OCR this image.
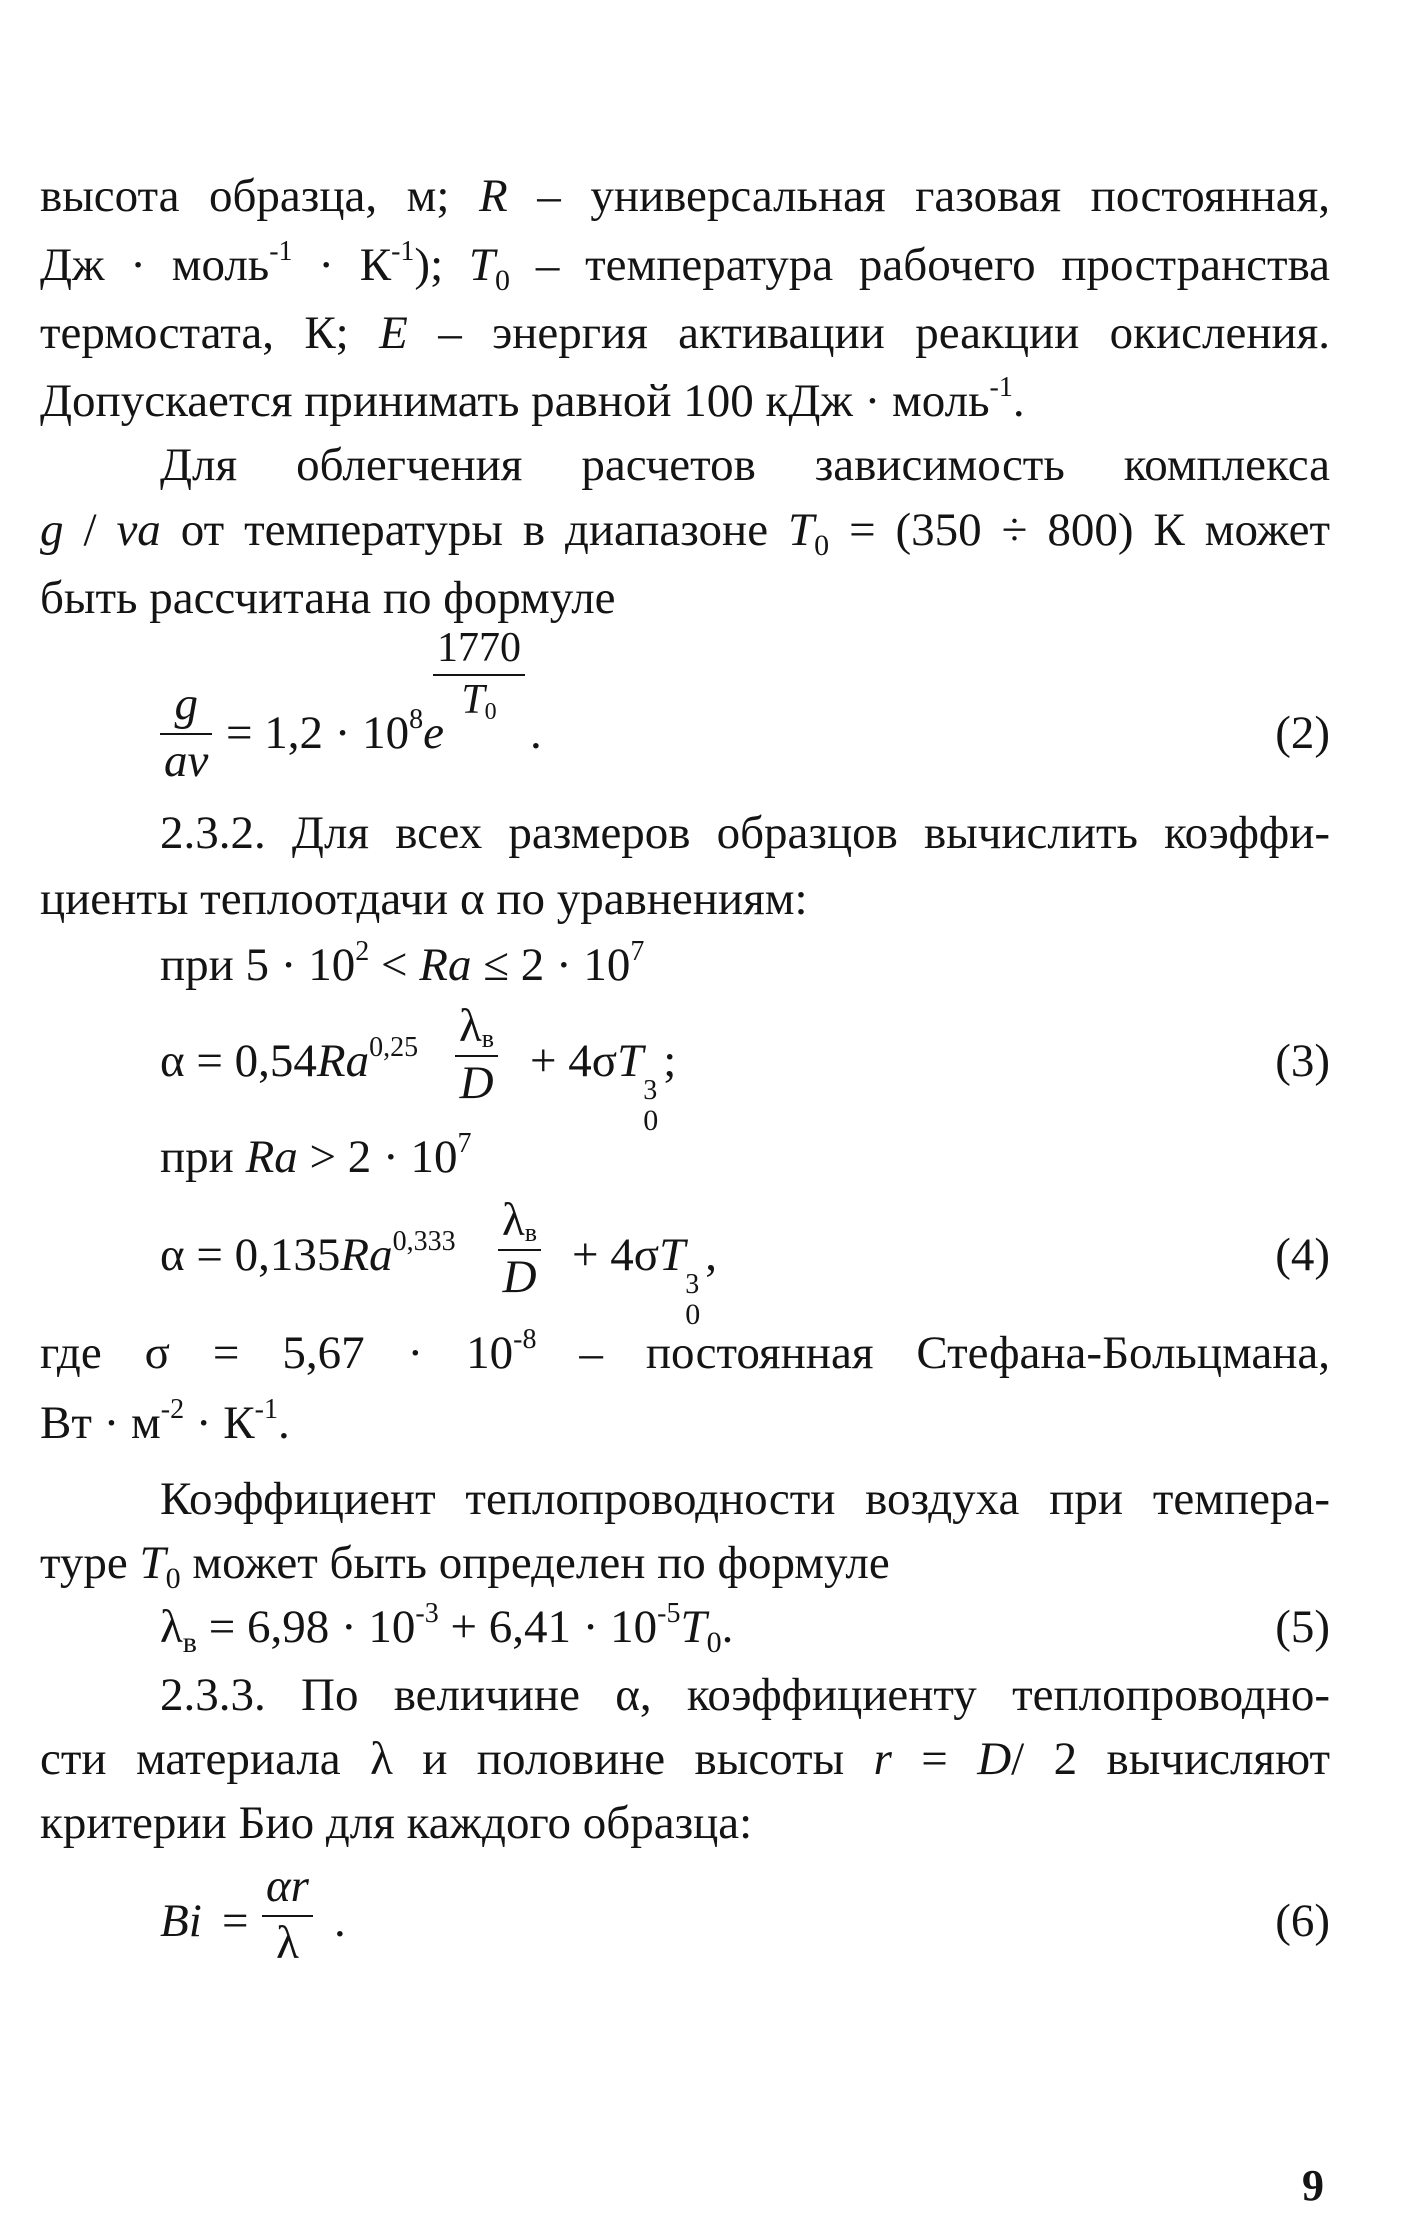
высота образца, м; R – универсальная газовая постоянная,
Дж · моль$^{-1}$ · $К^{-1}$); $T_0$ – температура рабочего пространства
термостата, К; E – энергия активации реакции окисления.
Допускается принимать равной 100 кДж · моль$^{-1}$.
Для облегчения расчетов зависимость комплекса
g / va от температуры в диапазоне $T_0 = (350 \div 800)$ К может
быть рассчитана по формуле
$\frac{g}{av} = 1,2 \cdot 10^8e$
$\frac{1770}{T_0}$
.	(2)
2.3.2. Для всех размеров образцов вычислить коэффи-
циенты теплоотдачи α по уравнениям:
при $5 \cdot 10^2 < Ra \le 2 \cdot 10^7$
α = 0,54Ra$^{0,25}$ $\lambda_в$
D + 4σT
3
0
;	(3)
при $Ra > 2 \cdot 10^7$
α = 0,135Ra$^{0,333}$ $\lambda_в$
D + 4σT
3
0
,	(4)
где $\sigma = 5,67 \cdot 10^{-8}$ – постоянная Стефана-Больцмана,
Вт · $м^{-2} \cdot К^{-1}$.
Коэффициент теплопроводности воздуха при темпера-
туре $T_0$ может быть определен по формуле
$\lambda_в = 6,98 \cdot 10^{-3} + 6,41 \cdot 10^{-5}T_0$.	(5)
2.3.3. По величине α, коэффициенту теплопроводно-
сти материала λ и половине высоты r = D/ 2 вычисляют
критерии Био для каждого образца:
$Bi = \frac{\alpha r}{\lambda}$ .	(6)
9
